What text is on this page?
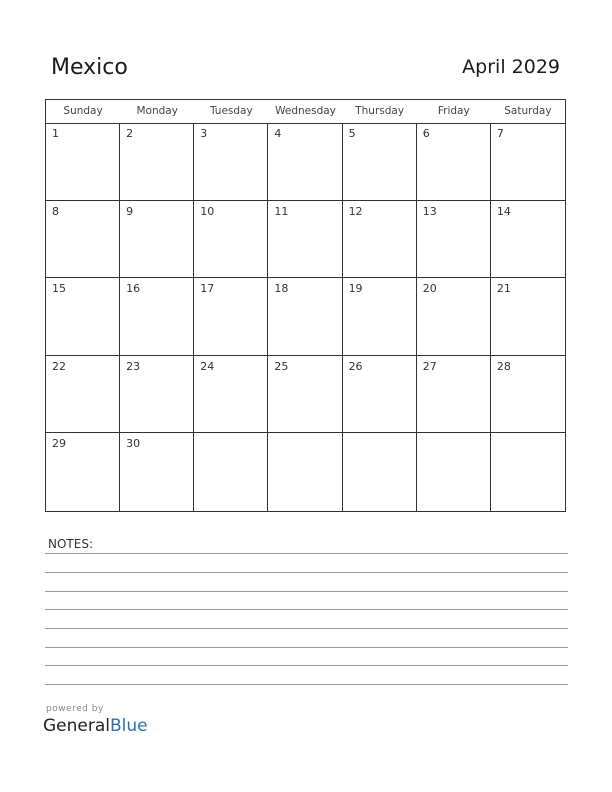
Mexico	April 2029
Sunday	Monday	Tuesday	Wednesday	Thursday	Friday	Saturday
1	2	3	4	5	6	7
8	9	10	11	12	13	14
15	16	17	18	19	20	21
22	23	24	25	26	27	28
29	30
NOTES:
powered by
GeneralBlue
